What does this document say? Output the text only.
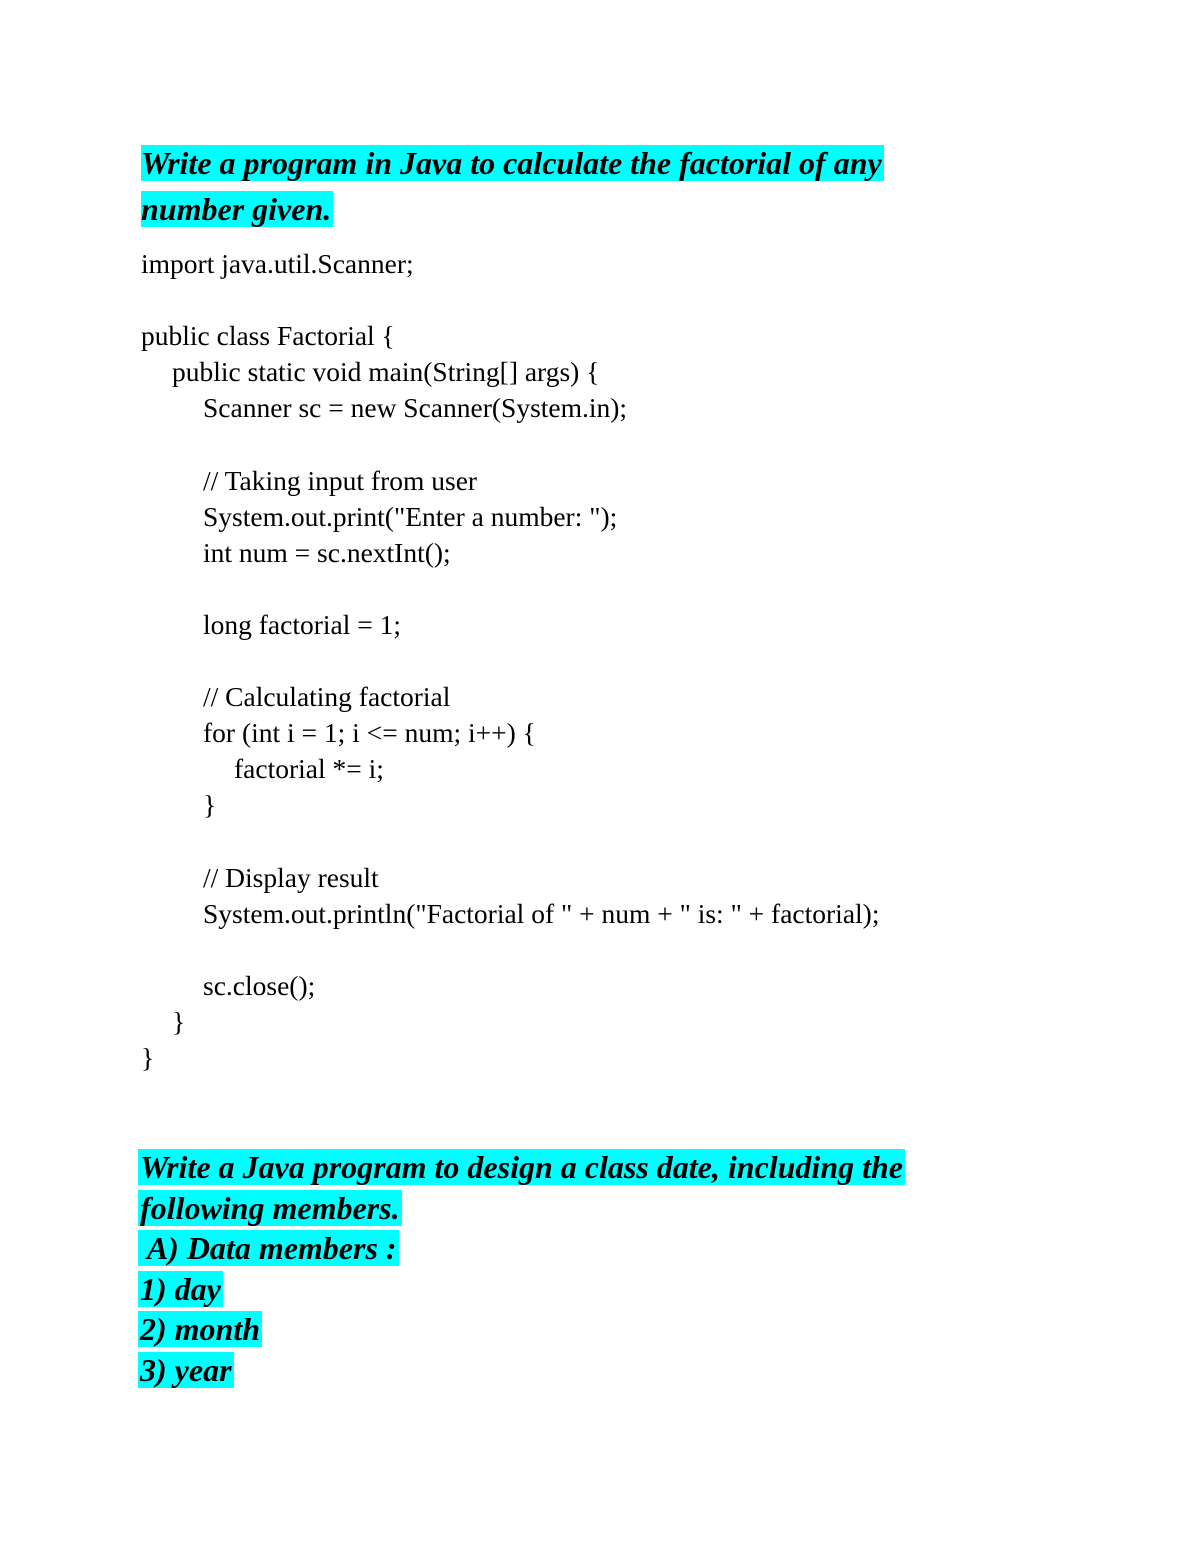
Write a program in Java to calculate the factorial of any
number given.
import java.util.Scanner;
public class Factorial {
public static void main(String[] args) {
Scanner sc = new Scanner(System.in);
// Taking input from user
System.out.print("Enter a number: ");
int num = sc.nextInt();
long factorial = 1;
// Calculating factorial
for (int i = 1; i <= num; i++) {
factorial *= i;
}
// Display result
System.out.println("Factorial of " + num + " is: " + factorial);
sc.close();
}
}
Write a Java program to design a class date, including the
following members.
A) Data members :
1) day
2) month
3) year
